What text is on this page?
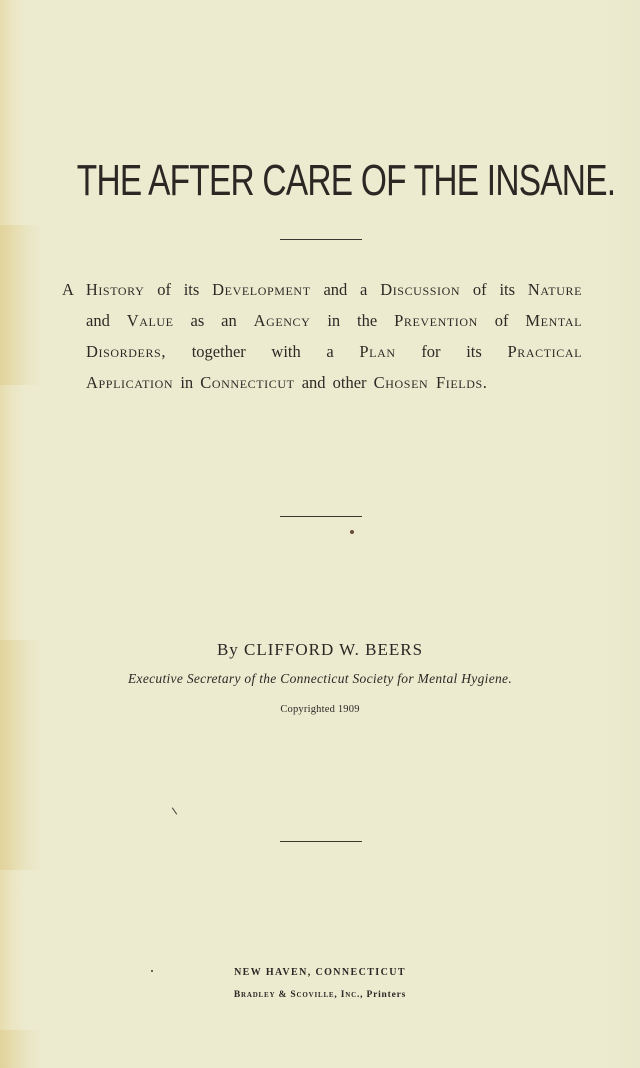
THE AFTER CARE OF THE INSANE.
A History of its Development and a Discussion of its Nature
and Value as an Agency in the Prevention of Mental
Disorders, together with a Plan for its Practical
Application in Connecticut and other Chosen Fields.
By CLIFFORD W. BEERS
Executive Secretary of the Connecticut Society for Mental Hygiene.
Copyrighted 1909
NEW HAVEN, CONNECTICUT
Bradley & Scoville, Inc., Printers
